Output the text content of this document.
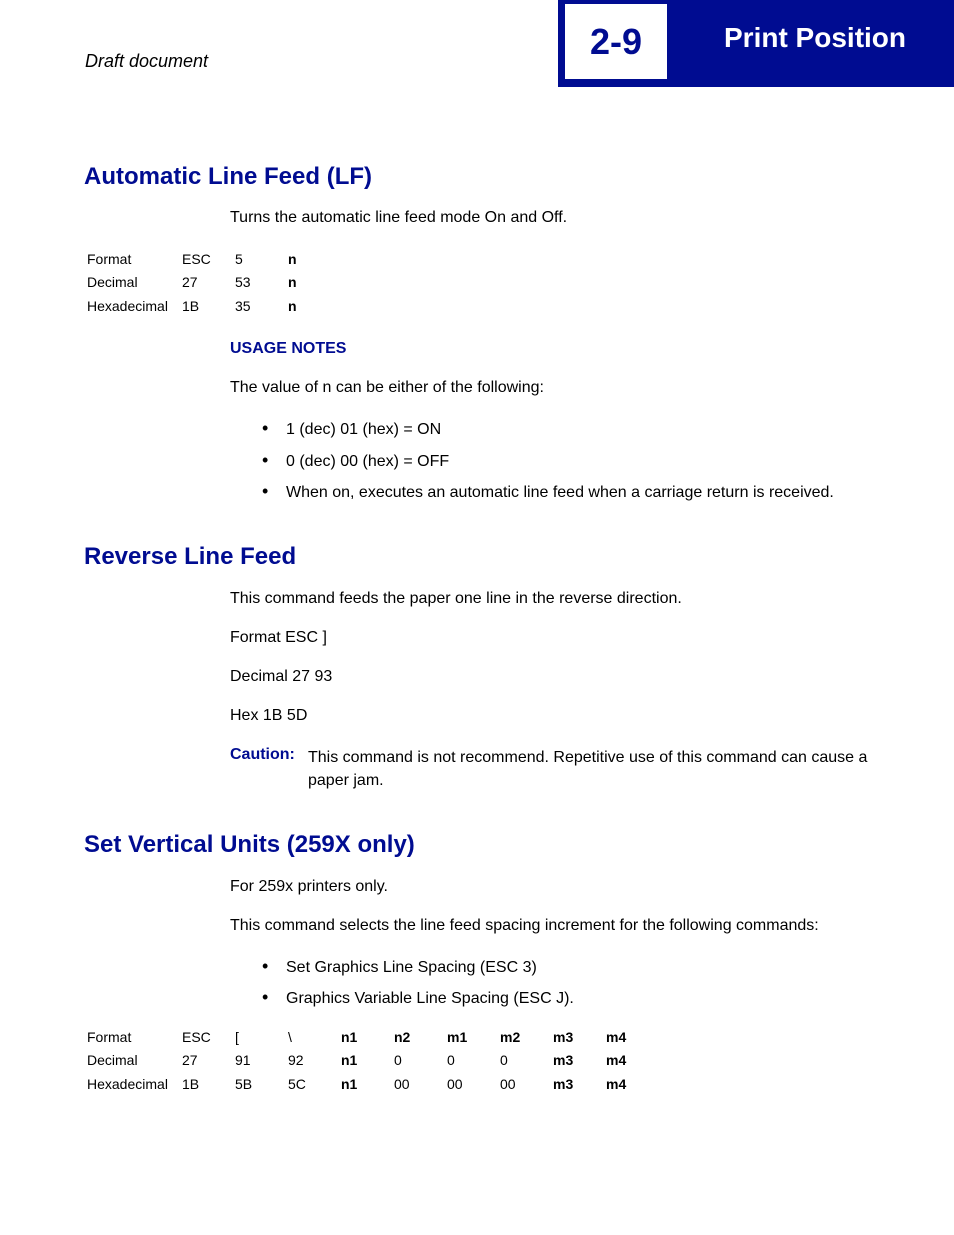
2-9	Print Position
Draft document
Automatic Line Feed (LF)

Turns the automatic line feed mode On and Off.

Format	ESC	5	n
Decimal	27	53	n
Hexadecimal	1B	35	n
USAGE NOTES

The value of n can be either of the following:

• 1 (dec) 01 (hex) = ON
• 0 (dec) 00 (hex) = OFF
• When on, executes an automatic line feed when a carriage return is received.
Reverse Line Feed

This command feeds the paper one line in the reverse direction.

Format ESC ]

Decimal 27 93

Hex 1B 5D

Caution: This command is not recommend. Repetitive use of this command can cause a paper jam.

Set Vertical Units (259X only)

For 259x printers only.

This command selects the line feed spacing increment for the following commands:

• Set Graphics Line Spacing (ESC 3)
• Graphics Variable Line Spacing (ESC J).
Format	ESC	[	\	n1	n2	m1	m2	m3	m4
Decimal	27	91	92	n1	0	0	0	m3	m4
Hexadecimal	1B	5B	5C	n1	00	00	00	m3	m4
